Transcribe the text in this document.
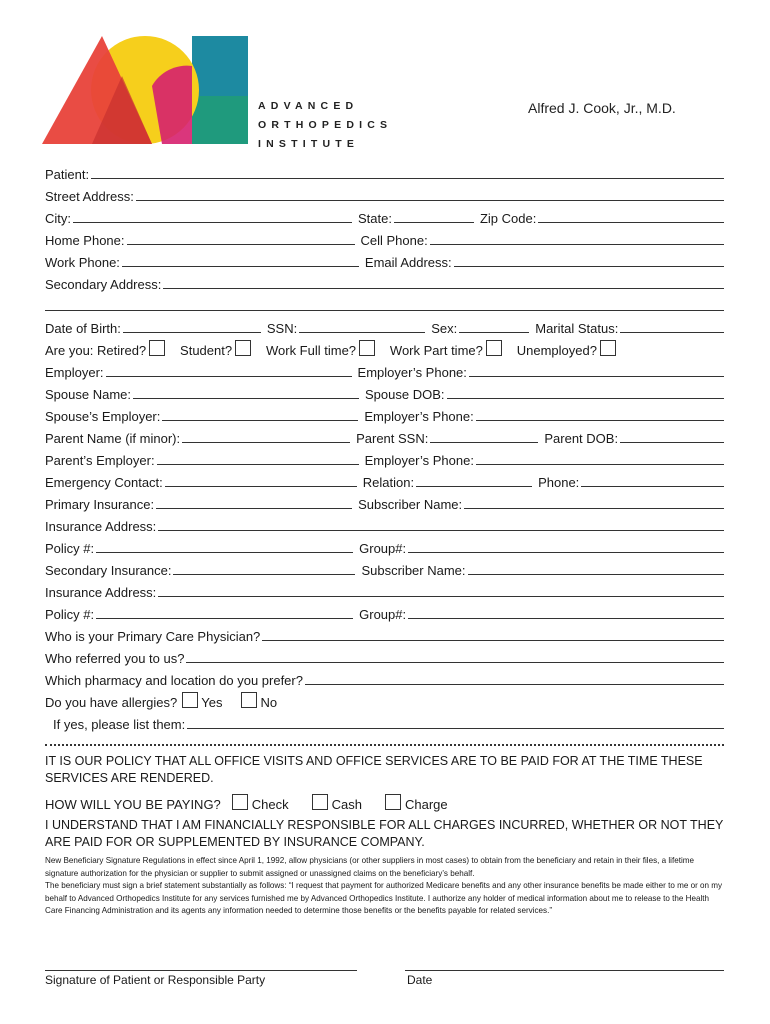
ADVANCED
ORTHOPEDICS
INSTITUTE
Alfred J. Cook, Jr., M.D.
Patient:
Street Address:
City:	State:	Zip Code:
Home Phone:	Cell Phone:
Work Phone:	Email Address:
Secondary Address:
Date of Birth:	SSN:	Sex:	Marital Status:
Are you: Retired?	Student?	Work Full time?	Work Part time?	Unemployed?
Employer:	Employer’s Phone:
Spouse Name:	Spouse DOB:
Spouse’s Employer:	Employer’s Phone:
Parent Name (if minor):	Parent SSN:	Parent DOB:
Parent’s Employer:	Employer’s Phone:
Emergency Contact:	Relation:	Phone:
Primary Insurance:	Subscriber Name:
Insurance Address:
Policy #:	Group#:
Secondary Insurance:	Subscriber Name:
Insurance Address:
Policy #:	Group#:
Who is your Primary Care Physician?
Who referred you to us?
Which pharmacy and location do you prefer?
Do you have allergies? Yes	No
If yes, please list them:
IT IS OUR POLICY THAT ALL OFFICE VISITS AND OFFICE SERVICES ARE TO BE PAID FOR AT THE TIME THESE SERVICES ARE RENDERED.
HOW WILL YOU BE PAYING?	Check	Cash	Charge
I UNDERSTAND THAT I AM FINANCIALLY RESPONSIBLE FOR ALL CHARGES INCURRED, WHETHER OR NOT THEY ARE PAID FOR OR SUPPLEMENTED BY INSURANCE COMPANY.
New Beneficiary Signature Regulations in effect since April 1, 1992, allow physicians (or other suppliers in most cases) to obtain from the beneficiary and retain in their files, a lifetime signature authorization for the physician or supplier to submit assigned or unassigned claims on the beneficiary’s behalf.
The beneficiary must sign a brief statement substantially as follows: “I request that payment for authorized Medicare benefits and any other insurance benefits be made either to me or on my behalf to Advanced Orthopedics Institute for any services furnished me by Advanced Orthopedics Institute. I authorize any holder of medical information about me to release to the Health Care Financing Administration and its agents any information needed to determine those benefits or the benefits payable for related services.”
Signature of Patient or Responsible Party	Date
